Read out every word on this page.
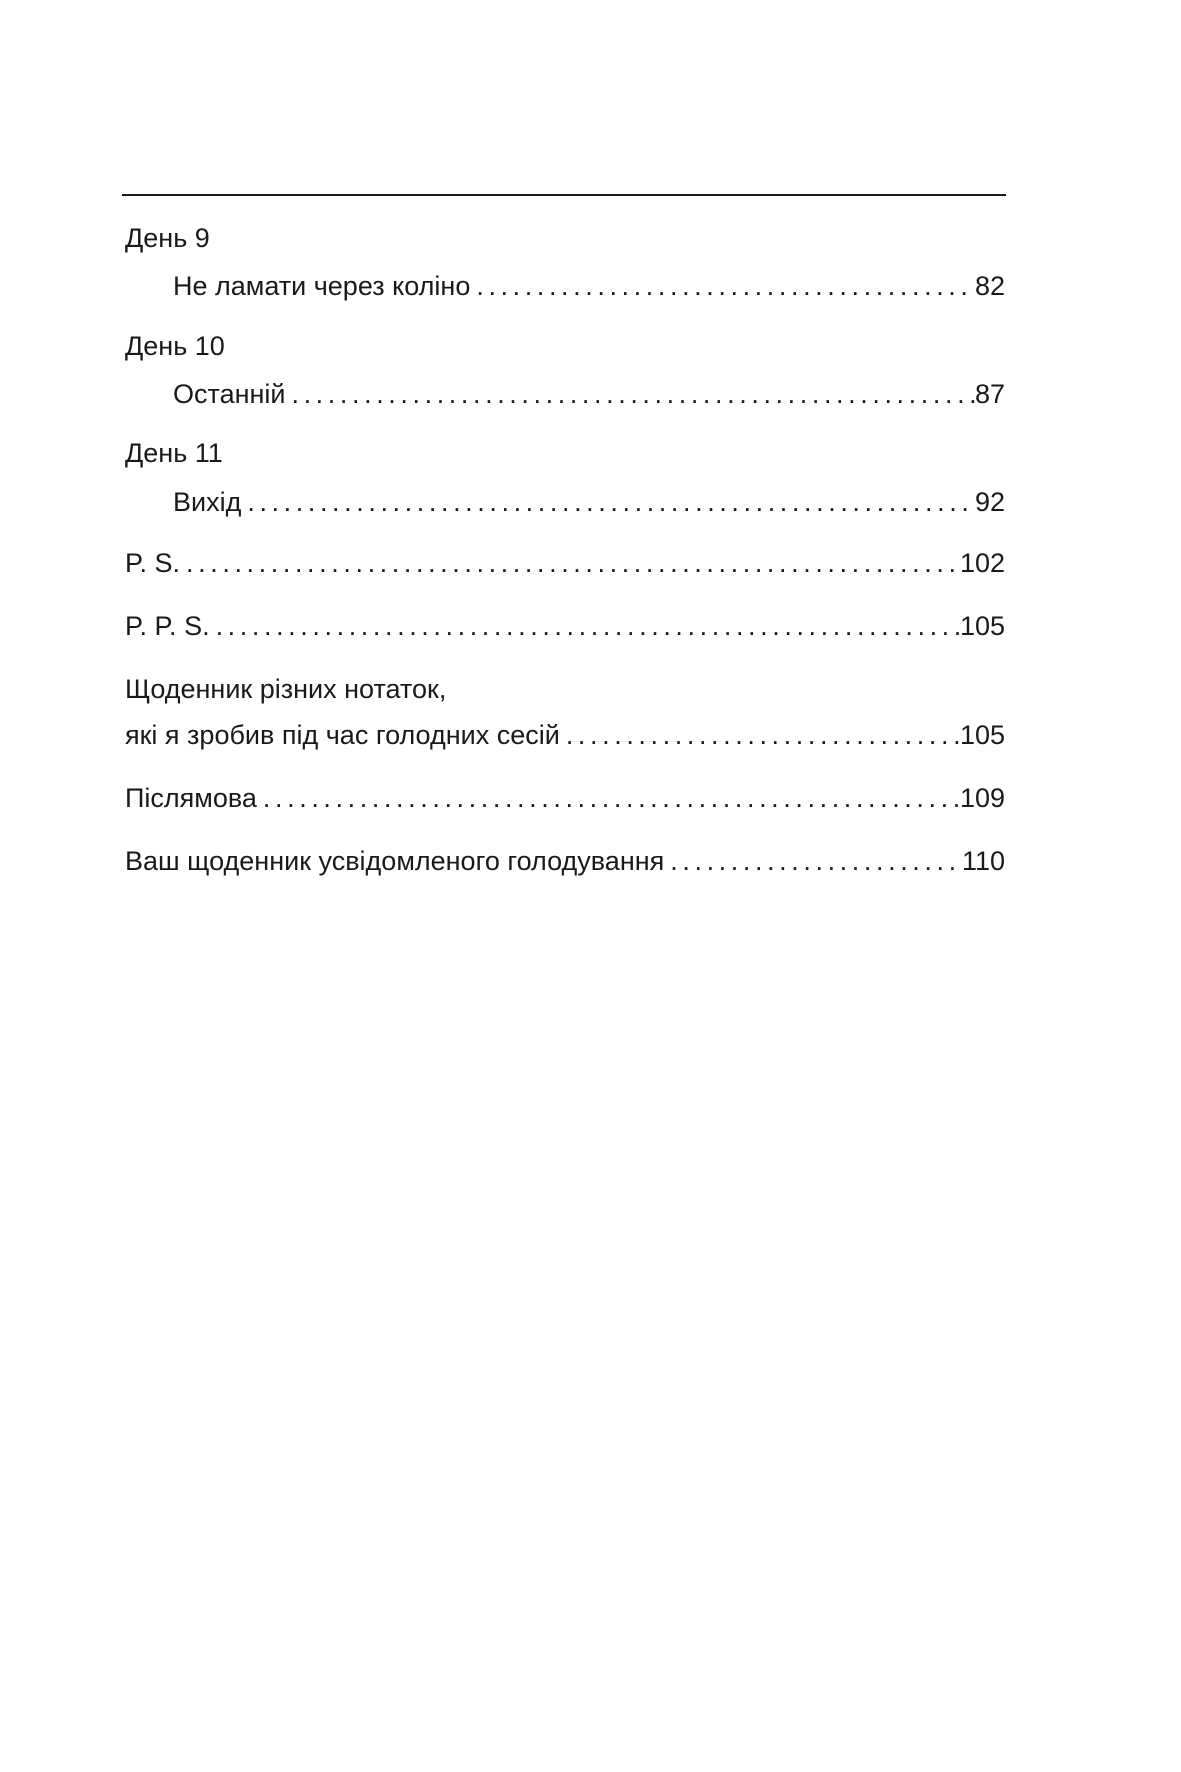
День 9
Не ламати через коліно .....	82
День 10
Останній .....	87
День 11
Вихід .....	92
P. S. .....	102
P. P. S. .....	105
Щоденник різних нотаток,
які я зробив під час голодних сесій .....	105
Післямова .....	109
Ваш щоденник усвідомленого голодування .....	110
